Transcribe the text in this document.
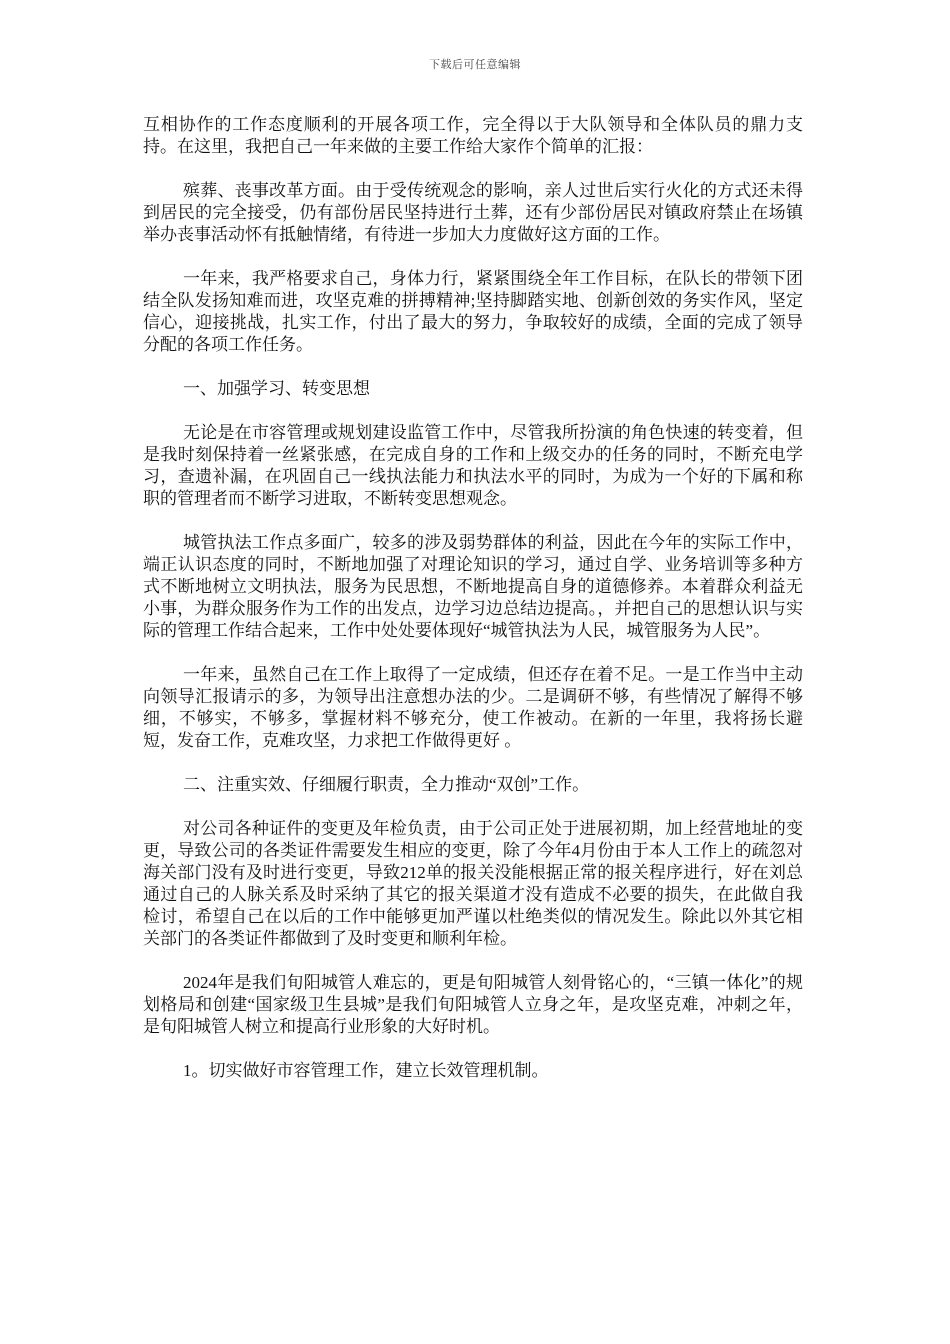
下载后可任意编辑

互相协作的工作态度顺利的开展各项工作，完全得以于大队领导和全体队员的鼎力支持。在这里，我把自己一年来做的主要工作给大家作个简单的汇报：

殡葬、丧事改革方面。由于受传统观念的影响，亲人过世后实行火化的方式还未得到居民的完全接受，仍有部份居民坚持进行土葬，还有少部份居民对镇政府禁止在场镇举办丧事活动怀有抵触情绪，有待进一步加大力度做好这方面的工作。

一年来，我严格要求自己，身体力行，紧紧围绕全年工作目标，在队长的带领下团结全队发扬知难而进，攻坚克难的拼搏精神;坚持脚踏实地、创新创效的务实作风，坚定信心，迎接挑战，扎实工作，付出了最大的努力，争取较好的成绩，全面的完成了领导分配的各项工作任务。

一、加强学习、转变思想

无论是在市容管理或规划建设监管工作中，尽管我所扮演的角色快速的转变着，但是我时刻保持着一丝紧张感，在完成自身的工作和上级交办的任务的同时，不断充电学习，查遗补漏，在巩固自己一线执法能力和执法水平的同时，为成为一个好的下属和称职的管理者而不断学习进取，不断转变思想观念。

城管执法工作点多面广，较多的涉及弱势群体的利益，因此在今年的实际工作中，端正认识态度的同时，不断地加强了对理论知识的学习，通过自学、业务培训等多种方式不断地树立文明执法，服务为民思想，不断地提高自身的道德修养。本着群众利益无小事，为群众服务作为工作的出发点，边学习边总结边提高。，并把自己的思想认识与实际的管理工作结合起来，工作中处处要体现好“城管执法为人民，城管服务为人民”。

一年来，虽然自己在工作上取得了一定成绩，但还存在着不足。一是工作当中主动向领导汇报请示的多，为领导出注意想办法的少。二是调研不够，有些情况了解得不够细，不够实，不够多，掌握材料不够充分，使工作被动。在新的一年里，我将扬长避短，发奋工作，克难攻坚，力求把工作做得更好 。

二、注重实效、仔细履行职责，全力推动“双创”工作。

对公司各种证件的变更及年检负责，由于公司正处于进展初期，加上经营地址的变更，导致公司的各类证件需要发生相应的变更，除了今年4月份由于本人工作上的疏忽对海关部门没有及时进行变更，导致212单的报关没能根据正常的报关程序进行，好在刘总通过自己的人脉关系及时采纳了其它的报关渠道才没有造成不必要的损失，在此做自我检讨，希望自己在以后的工作中能够更加严谨以杜绝类似的情况发生。除此以外其它相关部门的各类证件都做到了及时变更和顺利年检。

2024年是我们旬阳城管人难忘的，更是旬阳城管人刻骨铭心的，“三镇一体化”的规划格局和创建“国家级卫生县城”是我们旬阳城管人立身之年，是攻坚克难，冲刺之年，是旬阳城管人树立和提高行业形象的大好时机。

1。切实做好市容管理工作，建立长效管理机制。
